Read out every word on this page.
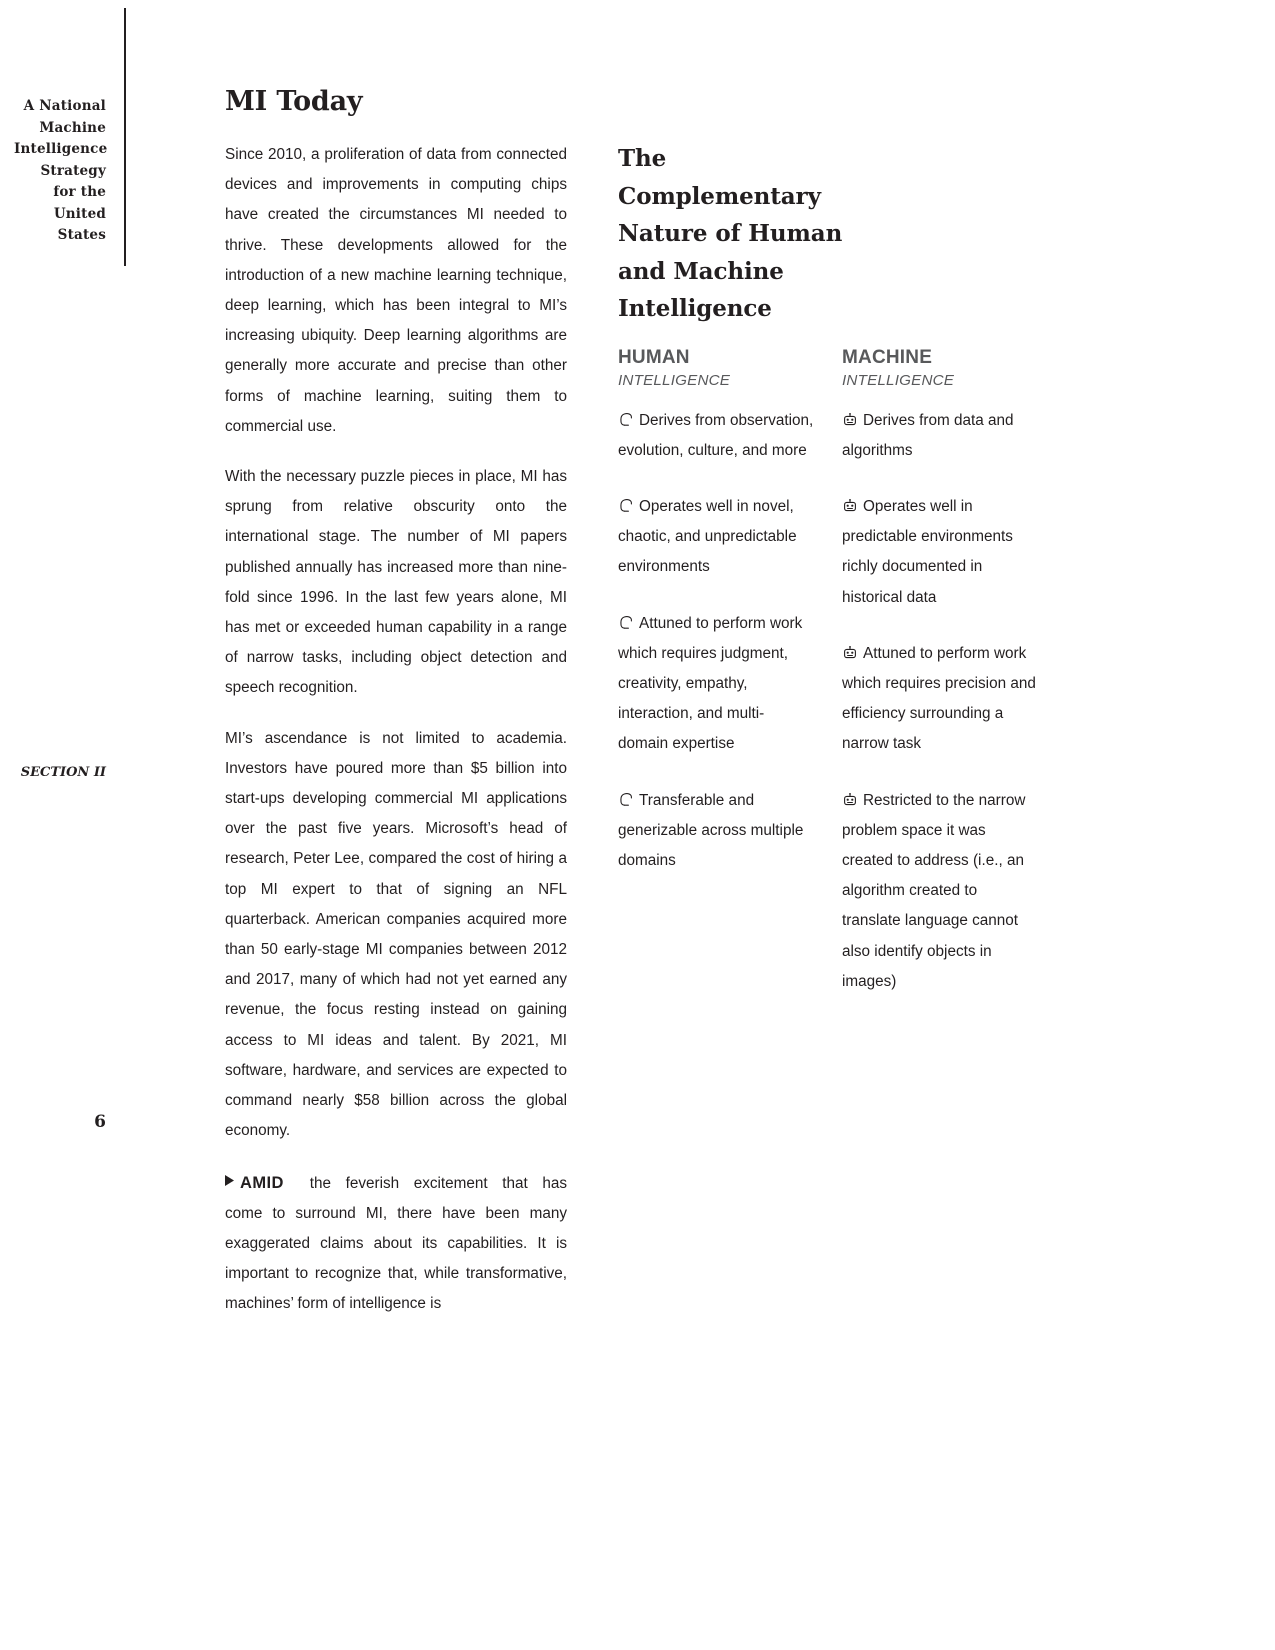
A National Machine Intelligence Strategy for the United States
SECTION II
6
MI Today

Since 2010, a proliferation of data from connected devices and improvements in computing chips have created the circumstances MI needed to thrive. These developments allowed for the introduction of a new machine learning technique, deep learning, which has been integral to MI’s increasing ubiquity. Deep learning algorithms are generally more accurate and precise than other forms of machine learning, suiting them to commercial use.

With the necessary puzzle pieces in place, MI has sprung from relative obscurity onto the international stage. The number of MI papers published annually has increased more than nine-fold since 1996. In the last few years alone, MI has met or exceeded human capability in a range of narrow tasks, including object detection and speech recognition.

MI’s ascendance is not limited to academia. Investors have poured more than $5 billion into start-ups developing commercial MI applications over the past five years. Microsoft’s head of research, Peter Lee, compared the cost of hiring a top MI expert to that of signing an NFL quarterback. American companies acquired more than 50 early-stage MI companies between 2012 and 2017, many of which had not yet earned any revenue, the focus resting instead on gaining access to MI ideas and talent. By 2021, MI software, hardware, and services are expected to command nearly $58 billion across the global economy.

AMID the feverish excitement that has come to surround MI, there have been many exaggerated claims about its capabilities. It is important to recognize that, while transformative, machines’ form of intelligence is

The Complementary Nature of Human and Machine Intelligence
HUMAN
INTELLIGENCE
Derives from observation, evolution, culture, and more
Operates well in novel, chaotic, and unpredictable environments
Attuned to perform work which requires judgment, creativity, empathy, interaction, and multi-domain expertise
Transferable and generizable across multiple domains
MACHINE
INTELLIGENCE
Derives from data and algorithms
Operates well in predictable environments richly documented in historical data
Attuned to perform work which requires precision and efficiency surrounding a narrow task
Restricted to the narrow problem space it was created to address (i.e., an algorithm created to translate language cannot also identify objects in images)
